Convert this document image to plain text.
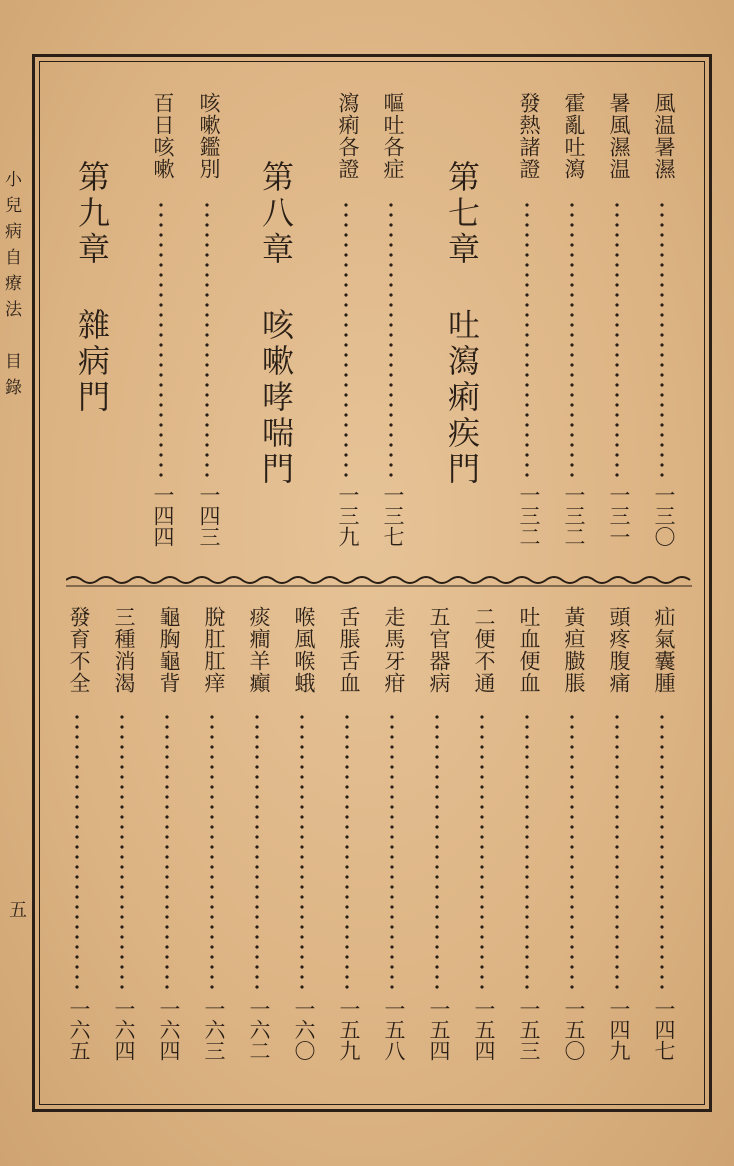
小兒病自療法目錄
五
風温暑濕
一三〇
暑風濕温
一三一
霍亂吐瀉
一三二
發熱諸證
一三二
第七章吐瀉痢疾門
嘔吐各症
一三七
瀉痢各證
一三九
第八章咳嗽哮喘門
咳嗽鑑別
一四三
百日咳嗽
一四四
第九章雜病門
疝氣囊腫
一四七
頭疼腹痛
一四九
黃疸臌脹
一五〇
吐血便血
一五三
二便不通
一五四
五官器病
一五四
走馬牙疳
一五八
舌脹舌血
一五九
喉風喉蛾
一六〇
痰癎羊癲
一六二
脫肛肛痒
一六三
龜胸龜背
一六四
三種消渴
一六四
發育不全
一六五
